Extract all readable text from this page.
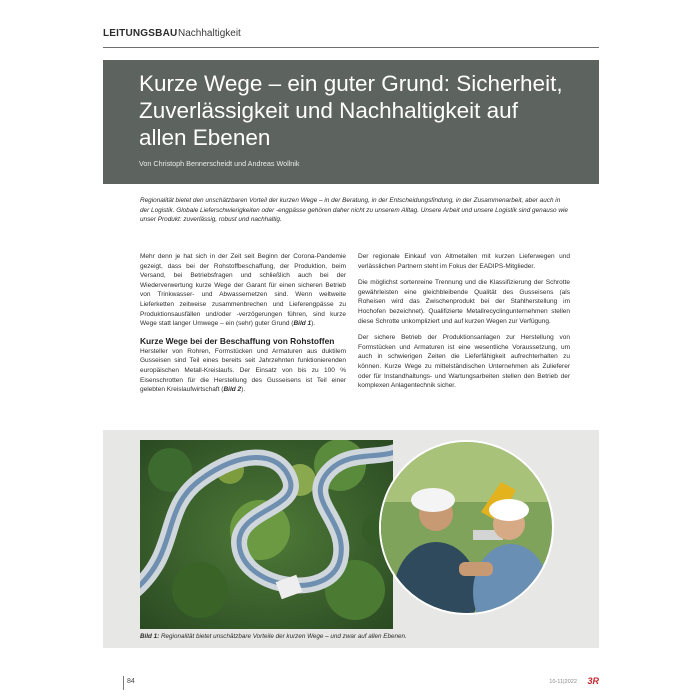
LEITUNGSBAU Nachhaltigkeit
Kurze Wege – ein guter Grund: Sicherheit, Zuverlässigkeit und Nachhaltigkeit auf allen Ebenen
Von Christoph Bennerscheidt und Andreas Wollnik
Regionalität bietet den unschätzbaren Vorteil der kurzen Wege – in der Beratung, in der Entscheidungsfindung, in der Zusammenarbeit, aber auch in der Logistik. Globale Lieferschwierigkeiten oder -engpässe gehören daher nicht zu unserem Alltag. Unsere Arbeit und unsere Logistik sind genauso wie unser Produkt: zuverlässig, robust und nachhaltig.

Mehr denn je hat sich in der Zeit seit Beginn der Corona-Pandemie gezeigt, dass bei der Rohstoffbeschaffung, der Produktion, beim Versand, bei Betriebsfragen und schließlich auch bei der Wiederverwertung kurze Wege der Garant für einen sicheren Betrieb von Trinkwasser- und Abwassernetzen sind. Wenn weltweite Lieferketten zeitweise zusammenbrechen und Lieferengpässe zu Produktionsausfällen und/oder -verzögerungen führen, sind kurze Wege statt langer Umwege – ein (sehr) guter Grund (Bild 1).

Kurze Wege bei der Beschaffung von Rohstoffen

Hersteller von Rohren, Formstücken und Armaturen aus duktilem Gusseisen sind Teil eines bereits seit Jahrzehnten funktionierenden europäischen Metall-Kreislaufs. Der Einsatz von bis zu 100 % Eisenschrotten für die Herstellung des Gusseisens ist Teil einer gelebten Kreislaufwirtschaft (Bild 2).

Der regionale Einkauf von Altmetallen mit kurzen Lieferwegen und verlässlichen Partnern steht im Fokus der EADIPS-Mitglieder.

Die möglichst sortenreine Trennung und die Klassifizierung der Schrotte gewährleisten eine gleichbleibende Qualität des Gusseisens (als Roheisen wird das Zwischenprodukt bei der Stahlherstellung im Hochofen bezeichnet). Qualifizierte Metallrecyclingunternehmen stellen diese Schrotte unkompliziert und auf kurzen Wegen zur Verfügung.

Der sichere Betrieb der Produktionsanlagen zur Herstellung von Formstücken und Armaturen ist eine wesentliche Voraussetzung, um auch in schwierigen Zeiten die Lieferfähigkeit aufrechterhalten zu können. Kurze Wege zu mittelständischen Unternehmen als Zulieferer oder für Instandhaltungs- und Wartungsarbeiten stellen den Betrieb der komplexen Anlagentechnik sicher.

Bild 1: Regionalität bietet unschätzbare Vorteile der kurzen Wege – und zwar auf allen Ebenen.
84	10-11|2022 3R
